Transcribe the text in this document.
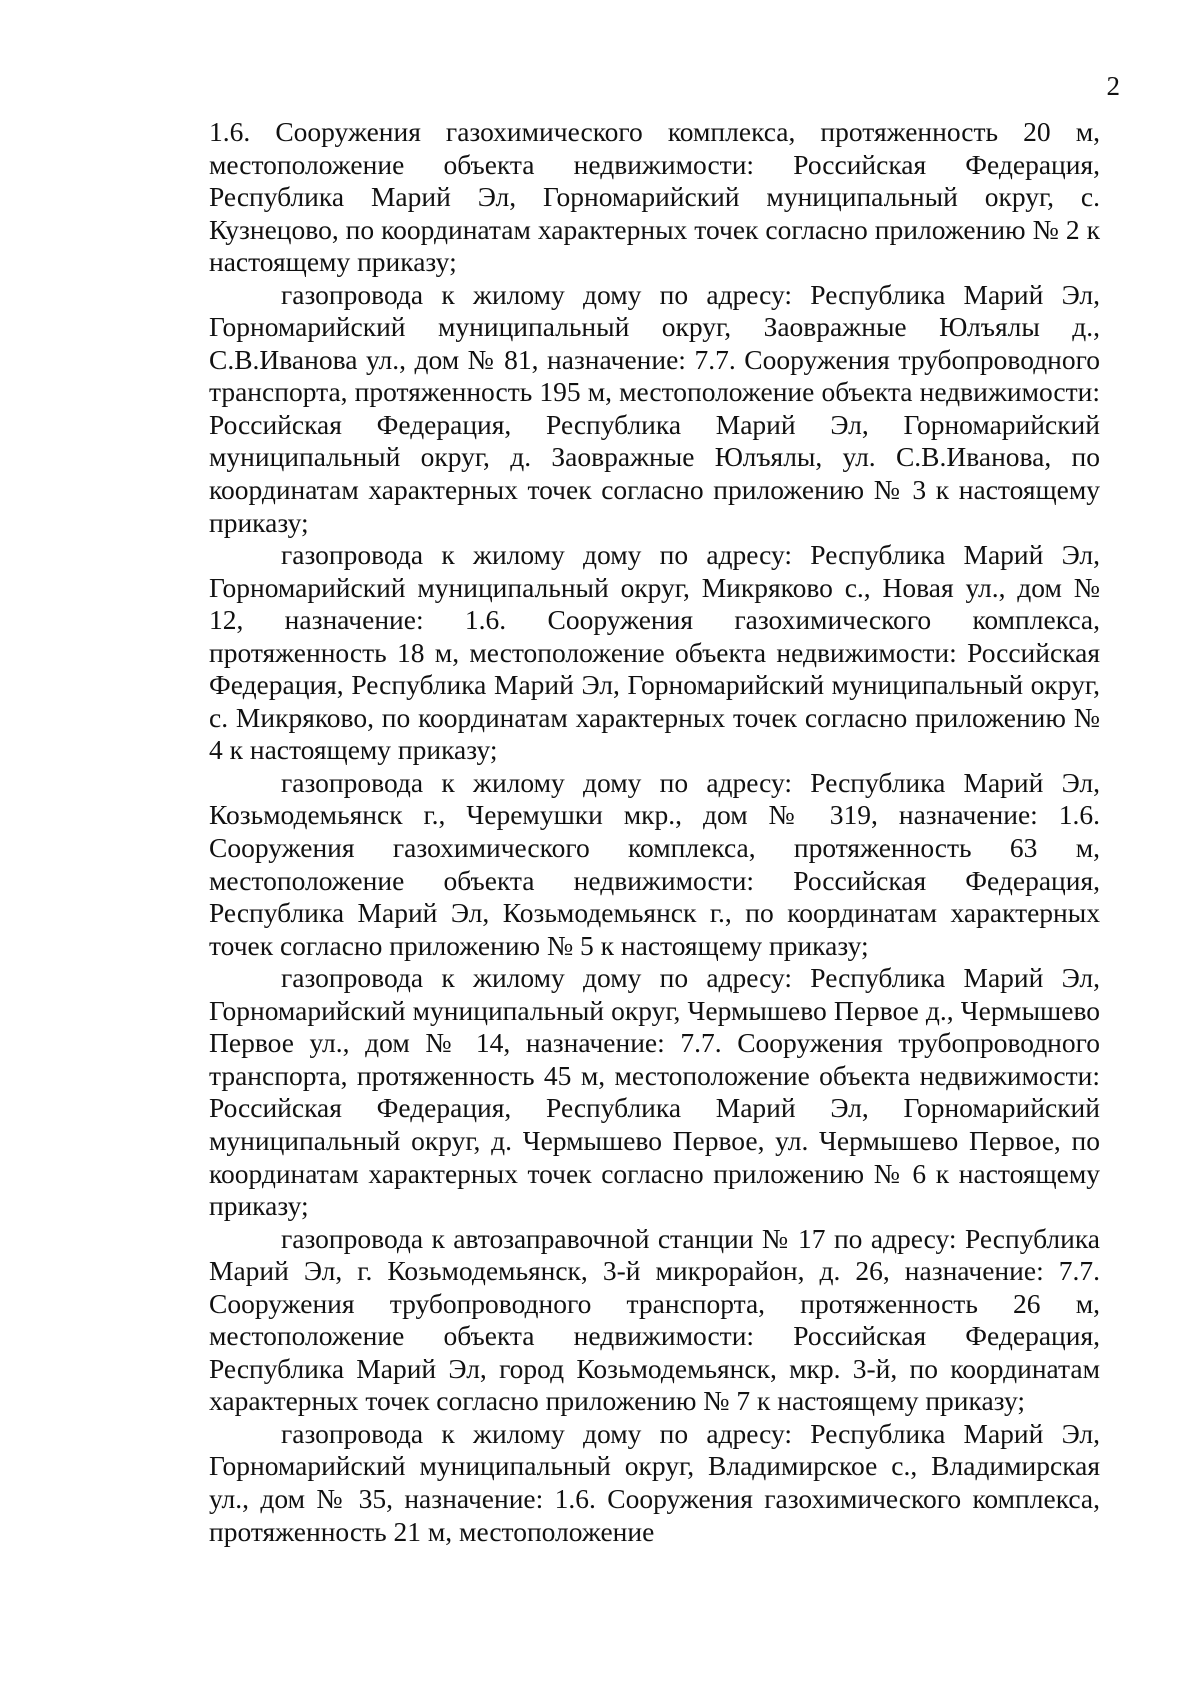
2

1.6. Сооружения газохимического комплекса, протяженность 20 м, местоположение объекта недвижимости: Российская Федерация, Республика Марий Эл, Горномарийский муниципальный округ, с. Кузнецово, по координатам характерных точек согласно приложению № 2 к настоящему приказу;

газопровода к жилому дому по адресу: Республика Марий Эл, Горномарийский муниципальный округ, Заовражные Юлъялы д., С.В.Иванова ул., дом № 81, назначение: 7.7. Сооружения трубопроводного транспорта, протяженность 195 м, местоположение объекта недвижимости: Российская Федерация, Республика Марий Эл, Горномарийский муниципальный округ, д. Заовражные Юлъялы, ул. С.В.Иванова, по координатам характерных точек согласно приложению № 3 к настоящему приказу;

газопровода к жилому дому по адресу: Республика Марий Эл, Горномарийский муниципальный округ, Микряково с., Новая ул., дом № 12, назначение: 1.6. Сооружения газохимического комплекса, протяженность 18 м, местоположение объекта недвижимости: Российская Федерация, Республика Марий Эл, Горномарийский муниципальный округ, с. Микряково, по координатам характерных точек согласно приложению № 4 к настоящему приказу;

газопровода к жилому дому по адресу: Республика Марий Эл, Козьмодемьянск г., Черемушки мкр., дом № 319, назначение: 1.6. Сооружения газохимического комплекса, протяженность 63 м, местоположение объекта недвижимости: Российская Федерация, Республика Марий Эл, Козьмодемьянск г., по координатам характерных точек согласно приложению № 5 к настоящему приказу;

газопровода к жилому дому по адресу: Республика Марий Эл, Горномарийский муниципальный округ, Чермышево Первое д., Чермышево Первое ул., дом № 14, назначение: 7.7. Сооружения трубопроводного транспорта, протяженность 45 м, местоположение объекта недвижимости: Российская Федерация, Республика Марий Эл, Горномарийский муниципальный округ, д. Чермышево Первое, ул. Чермышево Первое, по координатам характерных точек согласно приложению № 6 к настоящему приказу;

газопровода к автозаправочной станции № 17 по адресу: Республика Марий Эл, г. Козьмодемьянск, 3-й микрорайон, д. 26, назначение: 7.7. Сооружения трубопроводного транспорта, протяженность 26 м, местоположение объекта недвижимости: Российская Федерация, Республика Марий Эл, город Козьмодемьянск, мкр. 3-й, по координатам характерных точек согласно приложению № 7 к настоящему приказу;

газопровода к жилому дому по адресу: Республика Марий Эл, Горномарийский муниципальный округ, Владимирское с., Владимирская ул., дом № 35, назначение: 1.6. Сооружения газохимического комплекса, протяженность 21 м, местоположение
